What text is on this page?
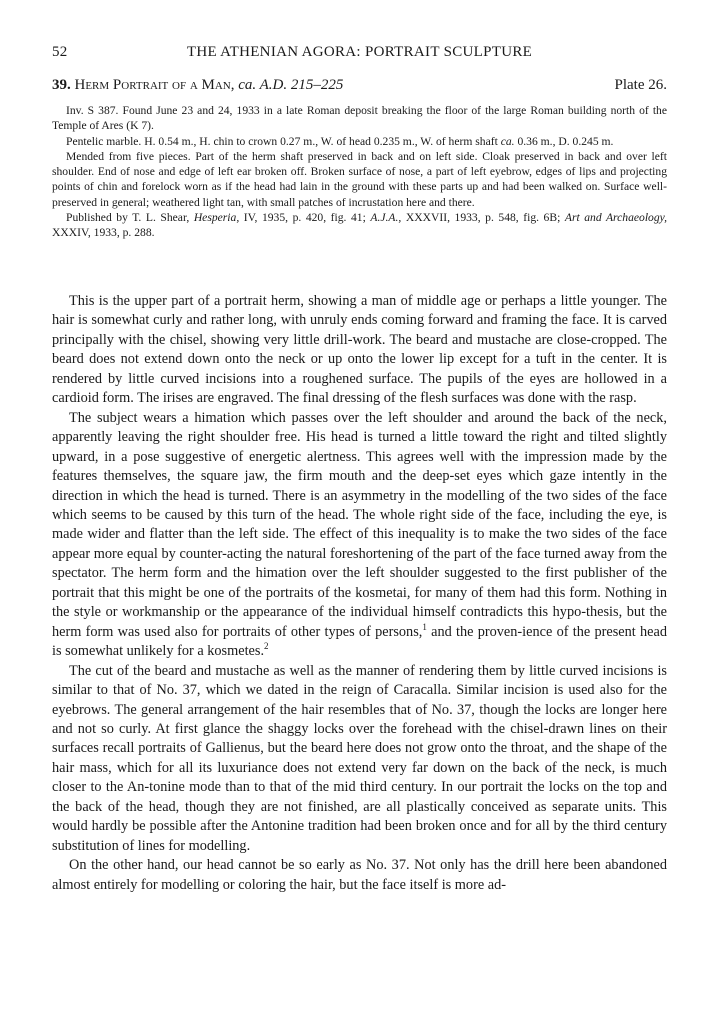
52	THE ATHENIAN AGORA: PORTRAIT SCULPTURE
39. Herm Portrait of a Man, ca. A.D. 215–225	Plate 26.

Inv. S 387. Found June 23 and 24, 1933 in a late Roman deposit breaking the floor of the large Roman building north of the Temple of Ares (K 7).

Pentelic marble. H. 0.54 m., H. chin to crown 0.27 m., W. of head 0.235 m., W. of herm shaft ca. 0.36 m., D. 0.245 m.

Mended from five pieces. Part of the herm shaft preserved in back and on left side. Cloak preserved in back and over left shoulder. End of nose and edge of left ear broken off. Broken surface of nose, a part of left eyebrow, edges of lips and projecting points of chin and forelock worn as if the head had lain in the ground with these parts up and had been walked on. Surface well-preserved in general; weathered light tan, with small patches of incrustation here and there.

Published by T. L. Shear, Hesperia, IV, 1935, p. 420, fig. 41; A.J.A., XXXVII, 1933, p. 548, fig. 6B; Art and Archaeology, XXXIV, 1933, p. 288.

This is the upper part of a portrait herm, showing a man of middle age or perhaps a little younger. The hair is somewhat curly and rather long, with unruly ends coming forward and framing the face. It is carved principally with the chisel, showing very little drill-work. The beard and mustache are close-cropped. The beard does not extend down onto the neck or up onto the lower lip except for a tuft in the center. It is rendered by little curved incisions into a roughened surface. The pupils of the eyes are hollowed in a cardioid form. The irises are engraved. The final dressing of the flesh surfaces was done with the rasp.

The subject wears a himation which passes over the left shoulder and around the back of the neck, apparently leaving the right shoulder free. His head is turned a little toward the right and tilted slightly upward, in a pose suggestive of energetic alertness. This agrees well with the impression made by the features themselves, the square jaw, the firm mouth and the deep-set eyes which gaze intently in the direction in which the head is turned. There is an asymmetry in the modelling of the two sides of the face which seems to be caused by this turn of the head. The whole right side of the face, including the eye, is made wider and flatter than the left side. The effect of this inequality is to make the two sides of the face appear more equal by counter-acting the natural foreshortening of the part of the face turned away from the spectator. The herm form and the himation over the left shoulder suggested to the first publisher of the portrait that this might be one of the portraits of the kosmetai, for many of them had this form. Nothing in the style or workmanship or the appearance of the individual himself contradicts this hypo-thesis, but the herm form was used also for portraits of other types of persons,$^1$ and the proven-ience of the present head is somewhat unlikely for a kosmetes.$^2$

The cut of the beard and mustache as well as the manner of rendering them by little curved incisions is similar to that of No. 37, which we dated in the reign of Caracalla. Similar incision is used also for the eyebrows. The general arrangement of the hair resembles that of No. 37, though the locks are longer here and not so curly. At first glance the shaggy locks over the forehead with the chisel-drawn lines on their surfaces recall portraits of Gallienus, but the beard here does not grow onto the throat, and the shape of the hair mass, which for all its luxuriance does not extend very far down on the back of the neck, is much closer to the An-tonine mode than to that of the mid third century. In our portrait the locks on the top and the back of the head, though they are not finished, are all plastically conceived as separate units. This would hardly be possible after the Antonine tradition had been broken once and for all by the third century substitution of lines for modelling.

On the other hand, our head cannot be so early as No. 37. Not only has the drill here been abandoned almost entirely for modelling or coloring the hair, but the face itself is more ad-
